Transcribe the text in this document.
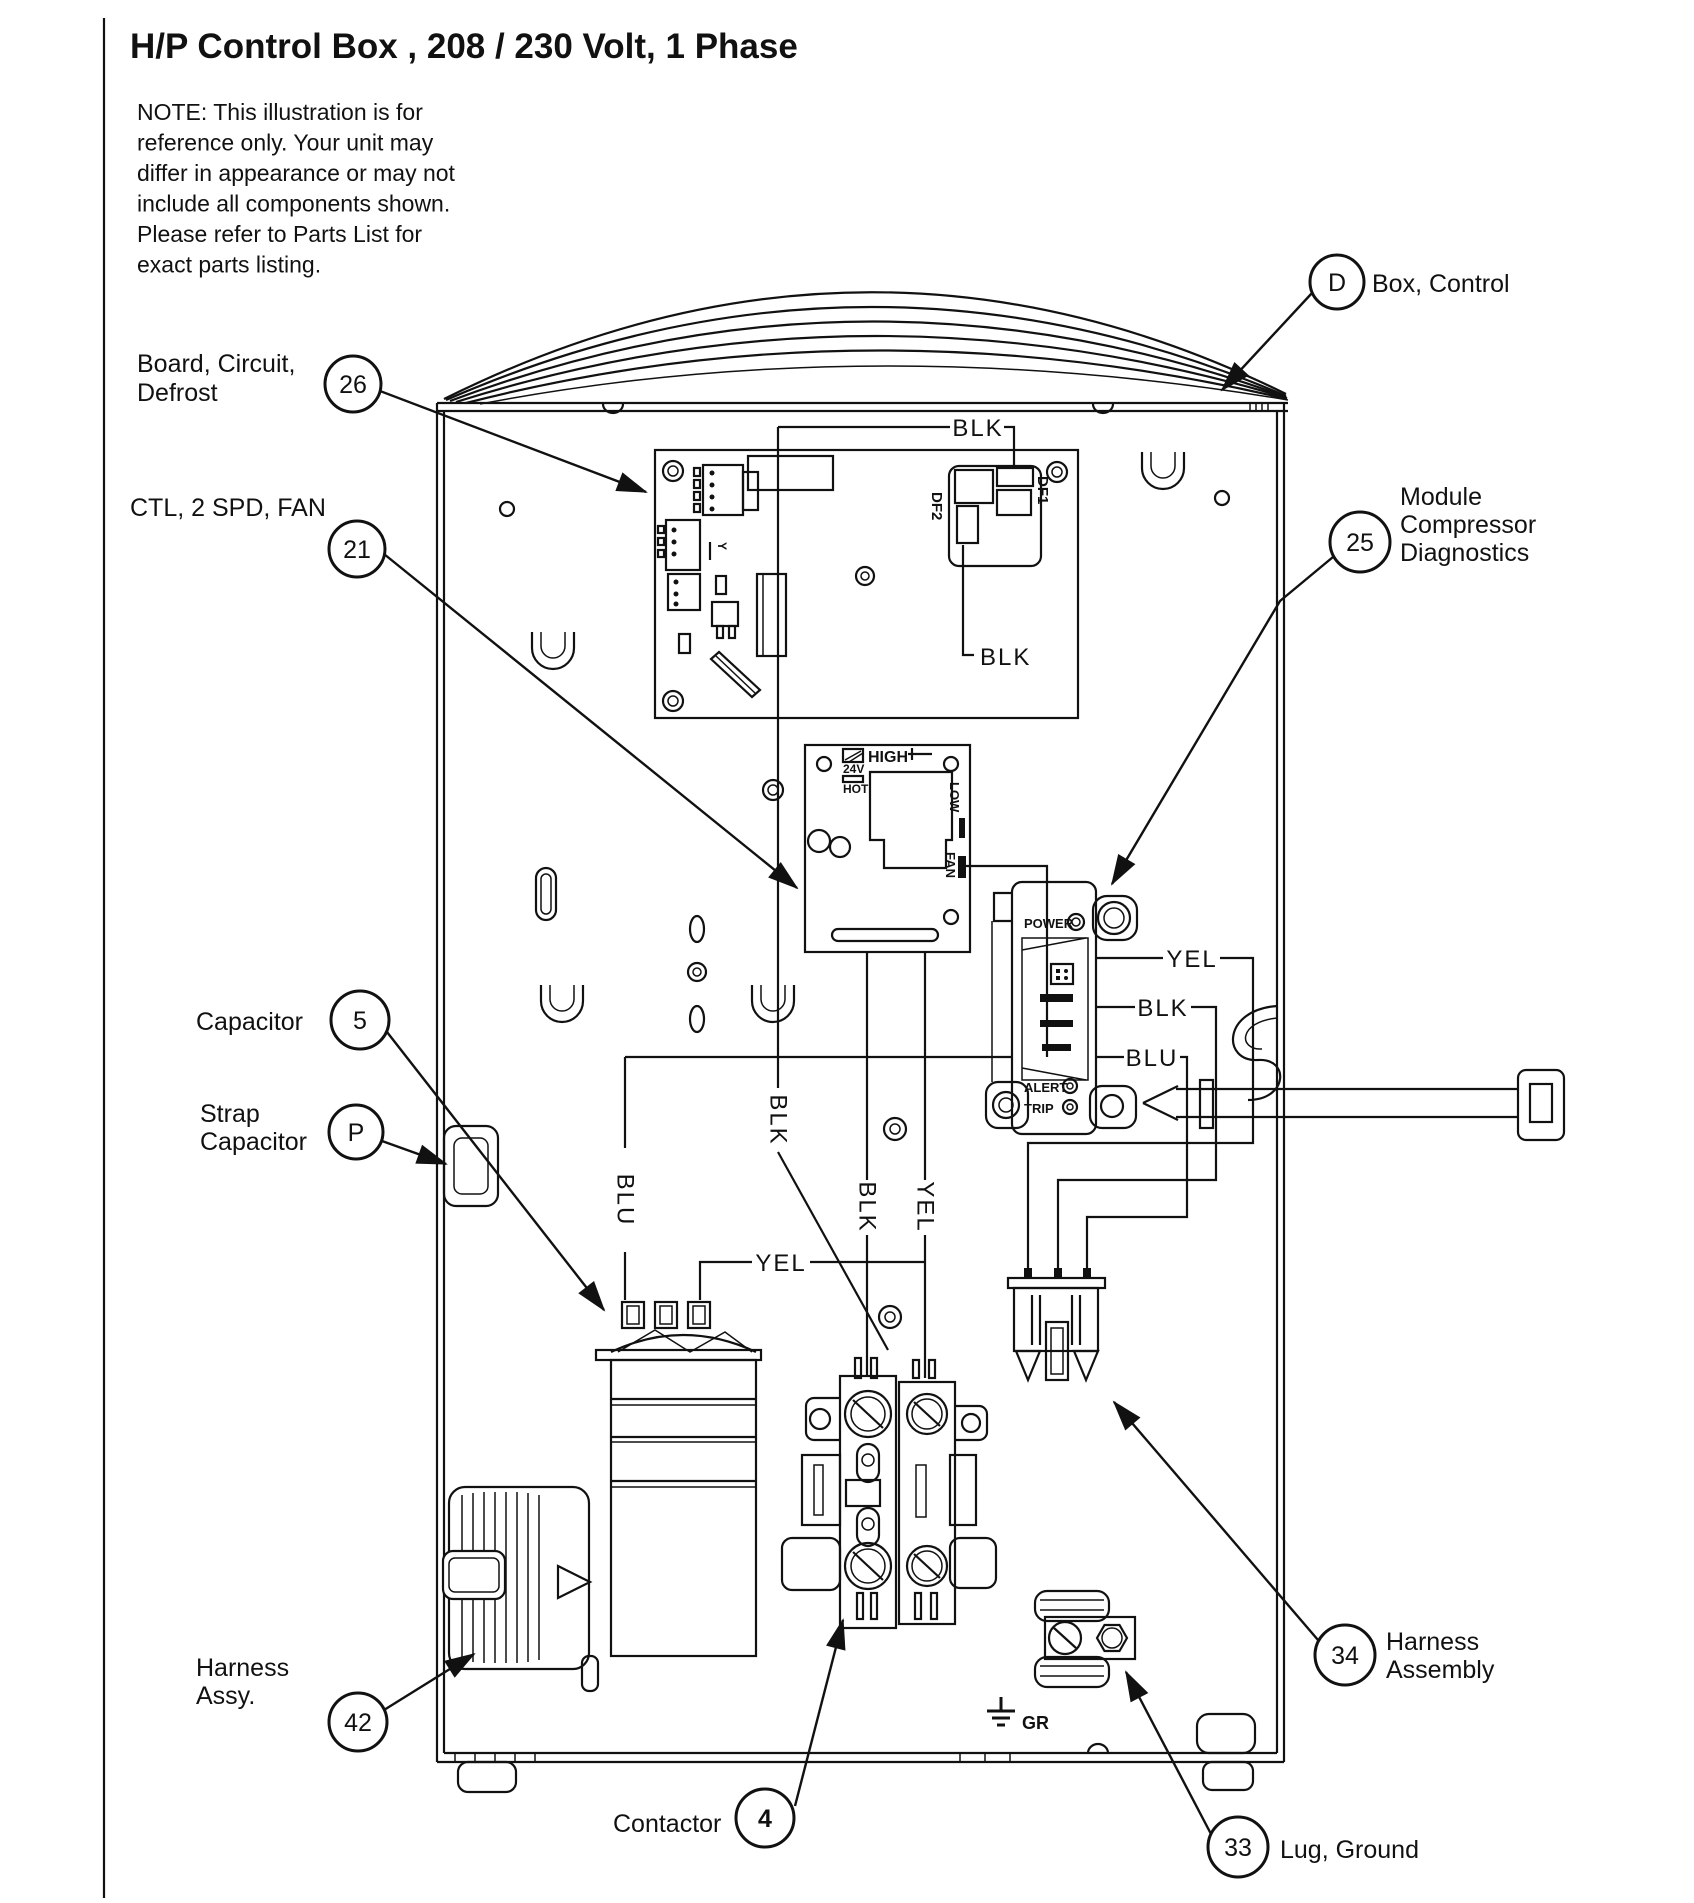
H/P Control Box , 208 / 230 Volt, 1 Phase
NOTE: This illustration is for
reference only. Your unit may
differ in appearance or may not
include all components shown.
Please refer to Parts List for
exact parts listing.
DF1
DF2
Y
BLK
BLK
24V
HOT
HIGH
LOW
FAN
POWER
ALERT
TRIP
YEL
BLK
BLU
BLK
BLU	BLK YEL
YEL
GR
Board, Circuit,
Defrost	26
CTL, 2 SPD, FAN
21
D Box, Control
25
Module
Compressor
Diagnostics
Capacitor 5
Strap
Capacitor P
Harness
Assy.
42
Contactor 4
33 Lug, Ground
34 Harness
Assembly
